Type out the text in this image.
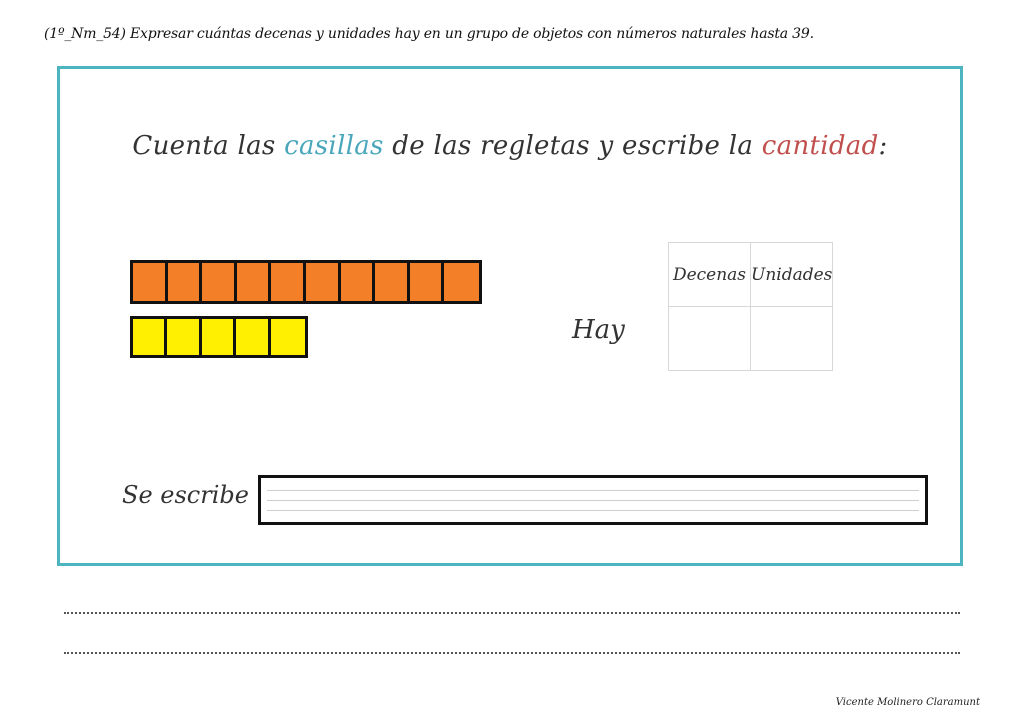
(1º_Nm_54) Expresar cuántas decenas y unidades hay en un grupo de objetos con números naturales hasta 39.
Cuenta las casillas de las regletas y escribe la cantidad:
Hay
Decenas	Unidades

Se escribe
Vicente Molinero Claramunt
